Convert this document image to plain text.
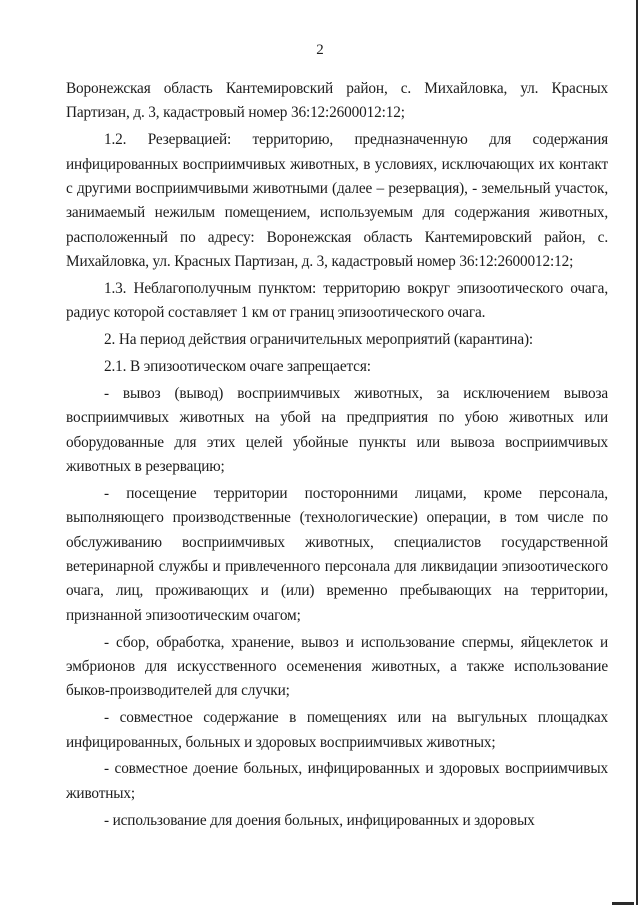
2

Воронежская область Кантемировский район, с. Михайловка, ул. Красных Партизан, д. 3, кадастровый номер 36:12:2600012:12;

1.2. Резервацией: территорию, предназначенную для содержания инфицированных восприимчивых животных, в условиях, исключающих их контакт с другими восприимчивыми животными (далее – резервация), - земельный участок, занимаемый нежилым помещением, используемым для содержания животных, расположенный по адресу: Воронежская область Кантемировский район, с. Михайловка, ул. Красных Партизан, д. 3, кадастровый номер 36:12:2600012:12;

1.3. Неблагополучным пунктом: территорию вокруг эпизоотического очага, радиус которой составляет 1 км от границ эпизоотического очага.

2. На период действия ограничительных мероприятий (карантина):

2.1. В эпизоотическом очаге запрещается:

- вывоз (вывод) восприимчивых животных, за исключением вывоза восприимчивых животных на убой на предприятия по убою животных или оборудованные для этих целей убойные пункты или вывоза восприимчивых животных в резервацию;

- посещение территории посторонними лицами, кроме персонала, выполняющего производственные (технологические) операции, в том числе по обслуживанию восприимчивых животных, специалистов государственной ветеринарной службы и привлеченного персонала для ликвидации эпизоотического очага, лиц, проживающих и (или) временно пребывающих на территории, признанной эпизоотическим очагом;

- сбор, обработка, хранение, вывоз и использование спермы, яйцеклеток и эмбрионов для искусственного осеменения животных, а также использование быков-производителей для случки;

- совместное содержание в помещениях или на выгульных площадках инфицированных, больных и здоровых восприимчивых животных;

- совместное доение больных, инфицированных и здоровых восприимчивых животных;

- использование для доения больных, инфицированных и здоровых
